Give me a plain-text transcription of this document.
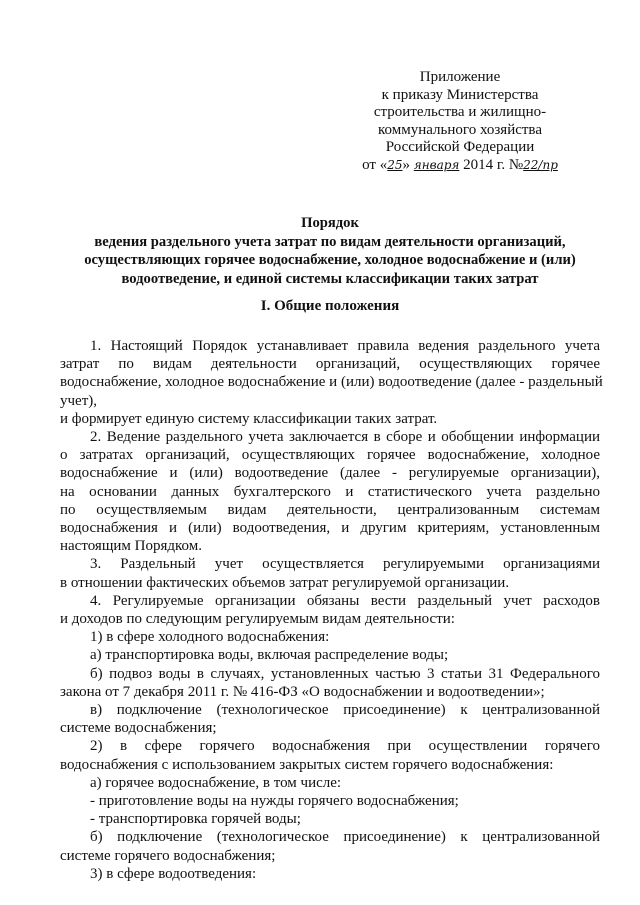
Приложение
к приказу Министерства
строительства и жилищно-
коммунального хозяйства
Российской Федерации
от «25» января 2014 г. №22/пр
Порядок
ведения раздельного учета затрат по видам деятельности организаций,
осуществляющих горячее водоснабжение, холодное водоснабжение и (или)
водоотведение, и единой системы классификации таких затрат
I. Общие положения
1. Настоящий Порядок устанавливает правила ведения раздельного учета
затрат по видам деятельности организаций, осуществляющих горячее
водоснабжение, холодное водоснабжение и (или) водоотведение (далее - раздельный
учет),
и формирует единую систему классификации таких затрат.
2. Ведение раздельного учета заключается в сборе и обобщении информации
о затратах организаций, осуществляющих горячее водоснабжение, холодное
водоснабжение и (или) водоотведение (далее - регулируемые организации),
на основании данных бухгалтерского и статистического учета раздельно
по осуществляемым видам деятельности, централизованным системам
водоснабжения и (или) водоотведения, и другим критериям, установленным
настоящим Порядком.
3. Раздельный учет осуществляется регулируемыми организациями
в отношении фактических объемов затрат регулируемой организации.
4. Регулируемые организации обязаны вести раздельный учет расходов
и доходов по следующим регулируемым видам деятельности:
1) в сфере холодного водоснабжения:
а) транспортировка воды, включая распределение воды;
б) подвоз воды в случаях, установленных частью 3 статьи 31 Федерального
закона от 7 декабря 2011 г. № 416-ФЗ «О водоснабжении и водоотведении»;
в) подключение (технологическое присоединение) к централизованной
системе водоснабжения;
2) в сфере горячего водоснабжения при осуществлении горячего
водоснабжения с использованием закрытых систем горячего водоснабжения:
а) горячее водоснабжение, в том числе:
- приготовление воды на нужды горячего водоснабжения;
- транспортировка горячей воды;
б) подключение (технологическое присоединение) к централизованной
системе горячего водоснабжения;
3) в сфере водоотведения:
